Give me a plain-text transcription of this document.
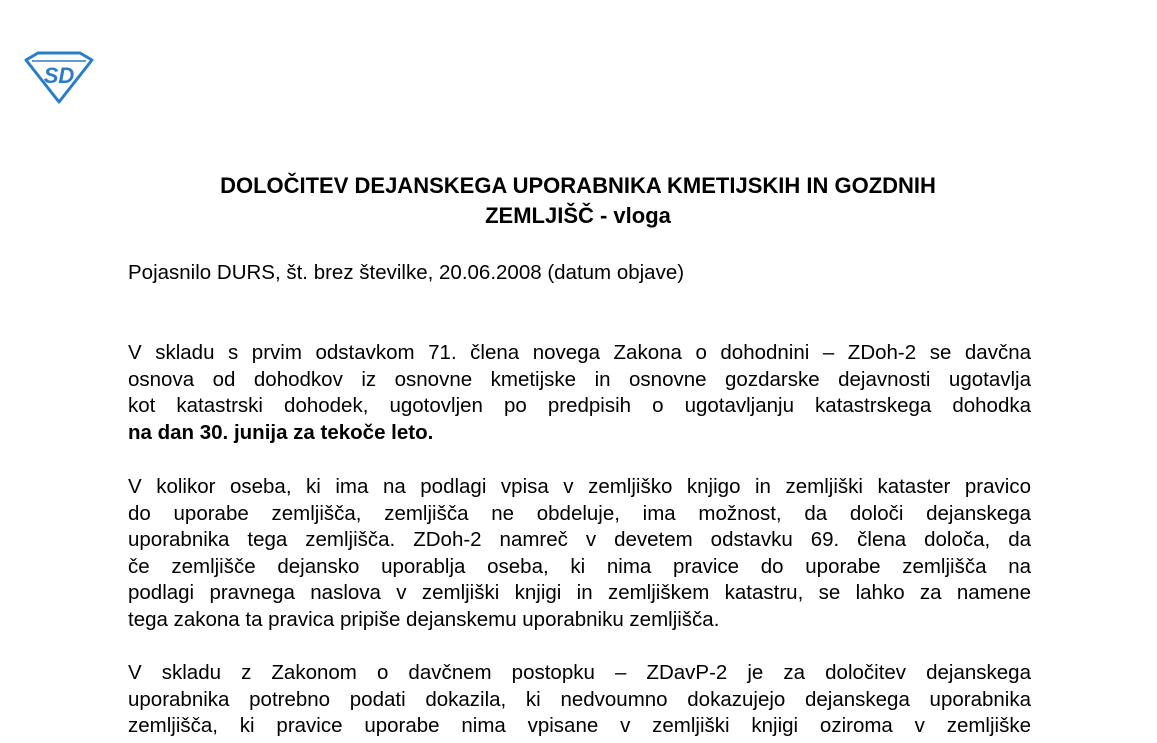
SD
DOLOČITEV DEJANSKEGA UPORABNIKA KMETIJSKIH IN GOZDNIH
ZEMLJIŠČ - vloga
Pojasnilo DURS, št. brez številke, 20.06.2008 (datum objave)
V skladu s prvim odstavkom 71. člena novega Zakona o dohodnini – ZDoh-2 se davčna
osnova od dohodkov iz osnovne kmetijske in osnovne gozdarske dejavnosti ugotavlja
kot katastrski dohodek, ugotovljen po predpisih o ugotavljanju katastrskega dohodka
na dan 30. junija za tekoče leto.
V kolikor oseba, ki ima na podlagi vpisa v zemljiško knjigo in zemljiški kataster pravico
do uporabe zemljišča, zemljišča ne obdeluje, ima možnost, da določi dejanskega
uporabnika tega zemljišča. ZDoh-2 namreč v devetem odstavku 69. člena določa, da
če zemljišče dejansko uporablja oseba, ki nima pravice do uporabe zemljišča na
podlagi pravnega naslova v zemljiški knjigi in zemljiškem katastru, se lahko za namene
tega zakona ta pravica pripiše dejanskemu uporabniku zemljišča.
V skladu z Zakonom o davčnem postopku – ZDavP-2 je za določitev dejanskega
uporabnika potrebno podati dokazila, ki nedvoumno dokazujejo dejanskega uporabnika
zemljišča, ki pravice uporabe nima vpisane v zemljiški knjigi oziroma v zemljiške
